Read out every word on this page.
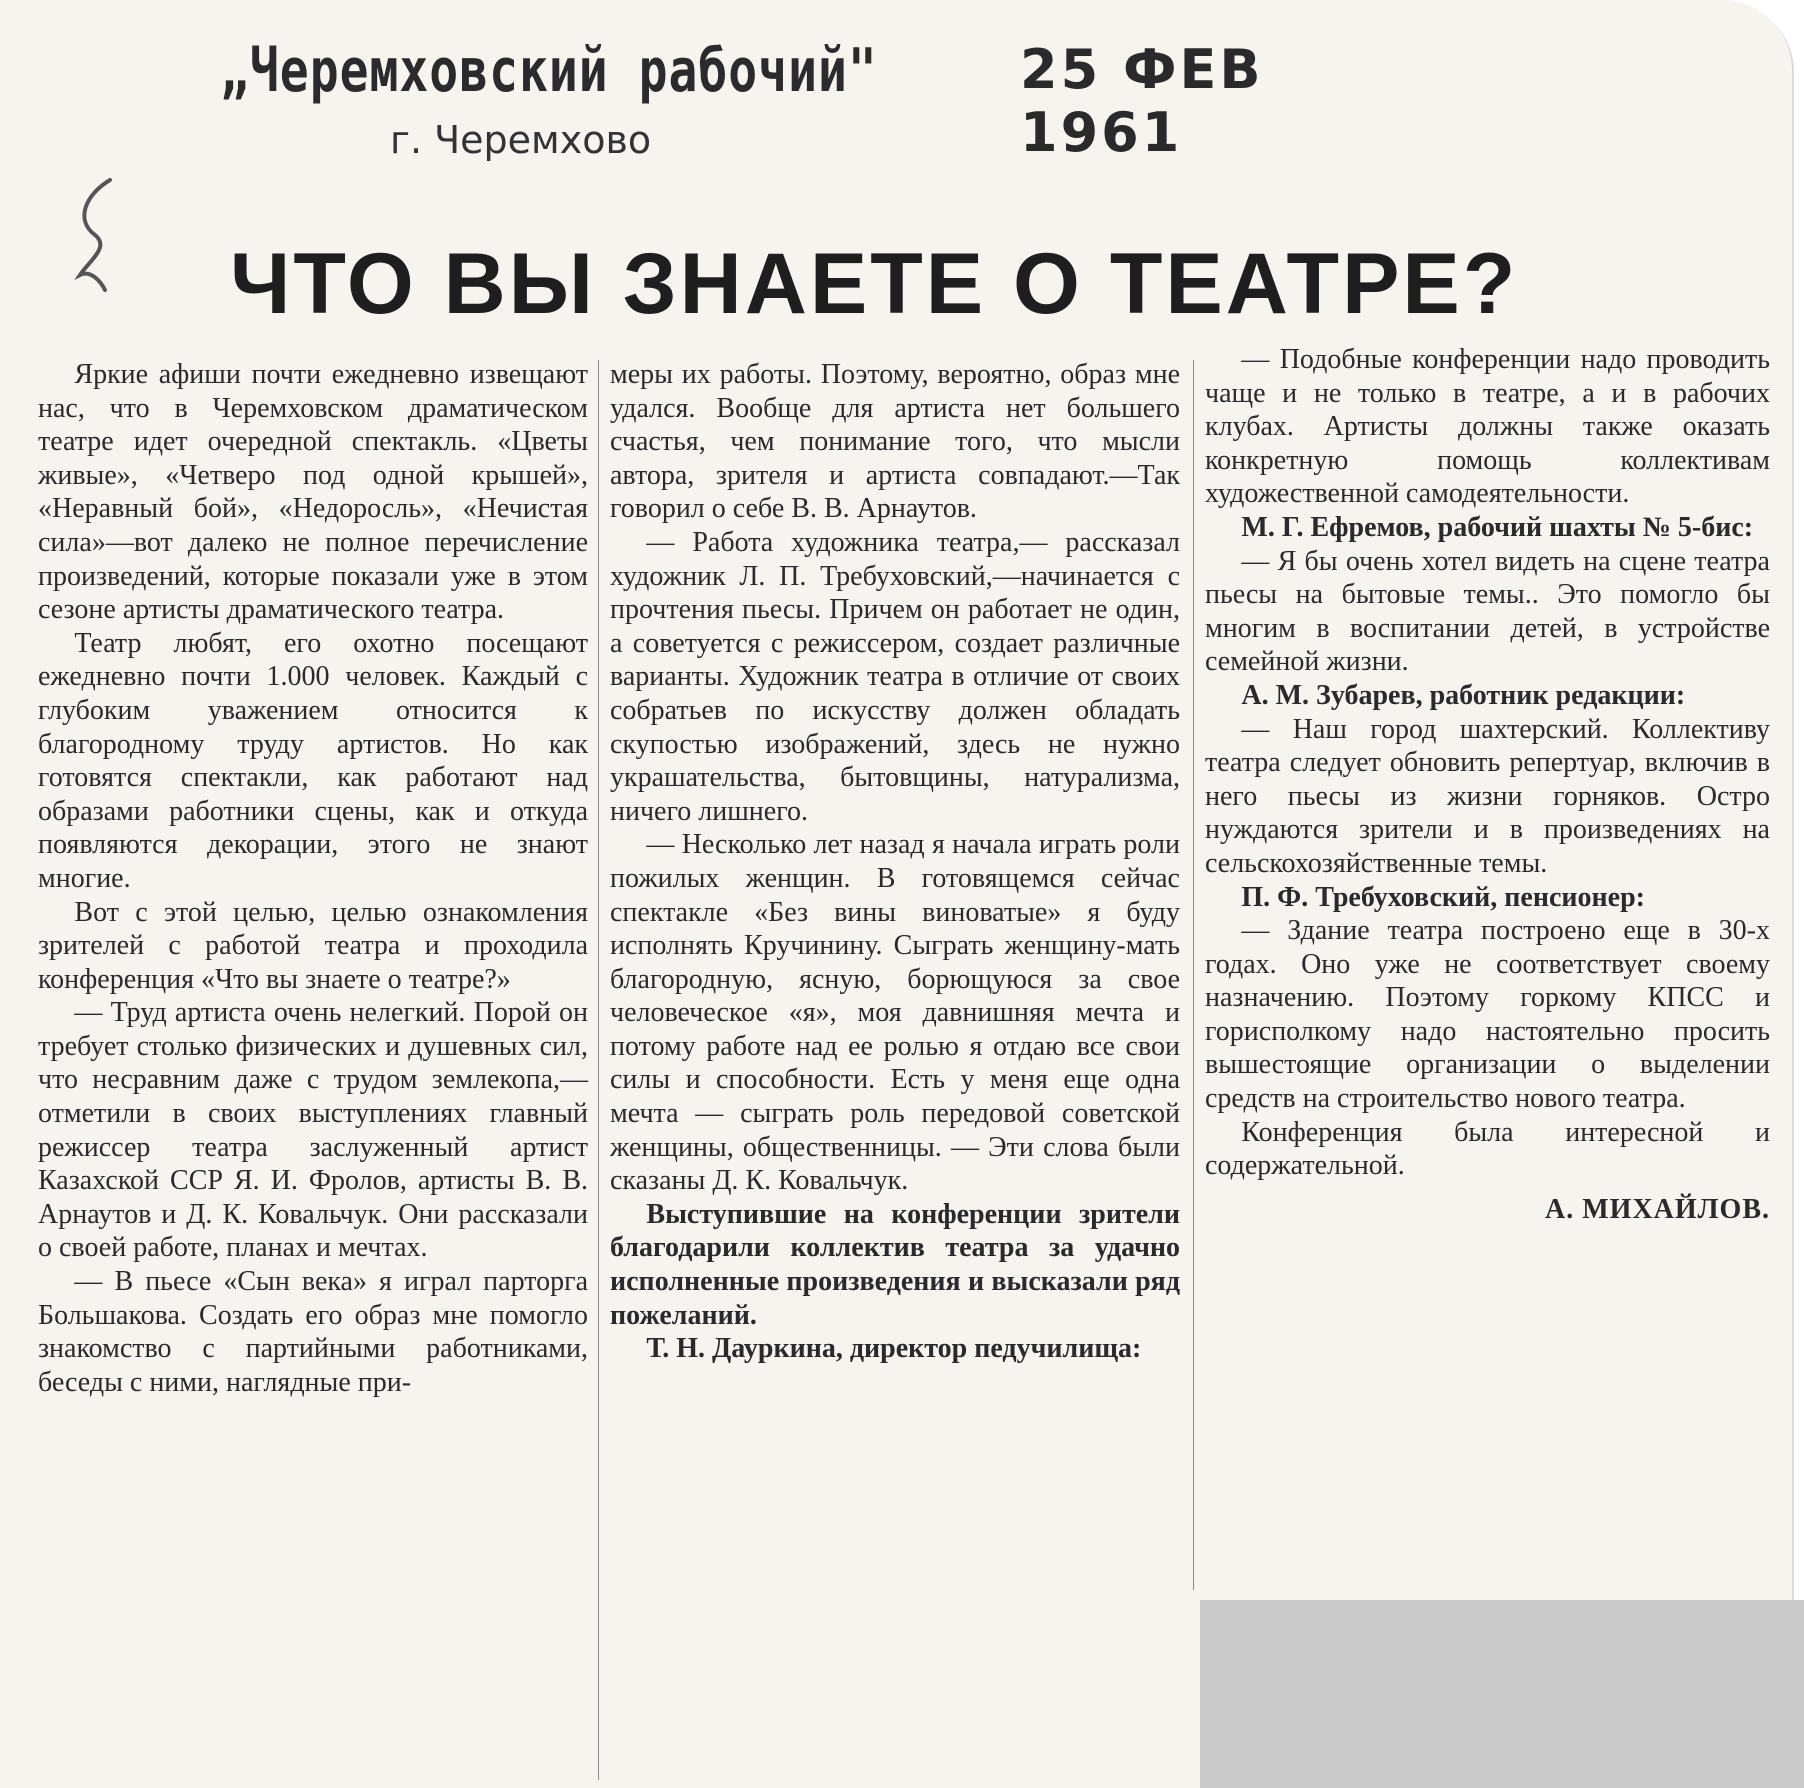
„Черемховский рабочий"	25 ФЕВ 1961
г. Черемхово
ЧТО ВЫ ЗНАЕТЕ О ТЕАТРЕ?

Яркие афиши почти ежедневно извещают нас, что в Черемховском драматическом театре идет очередной спектакль. «Цветы живые», «Четверо под одной крышей», «Неравный бой», «Недоросль», «Нечистая сила»—вот далеко не полное перечисление произведений, которые показали уже в этом сезоне артисты драматического театра.

Театр любят, его охотно посещают ежедневно почти 1.000 человек. Каждый с глубоким уважением относится к благородному труду артистов. Но как готовятся спектакли, как работают над образами работники сцены, как и откуда появляются декорации, этого не знают многие.

Вот с этой целью, целью ознакомления зрителей с работой театра и проходила конференция «Что вы знаете о театре?»

— Труд артиста очень нелегкий. Порой он требует столько физических и душевных сил, что несравним даже с трудом землекопа,—отметили в своих выступлениях главный режиссер театра заслуженный артист Казахской ССР Я. И. Фролов, артисты В. В. Арнаутов и Д. К. Ковальчук. Они рассказали о своей работе, планах и мечтах.

— В пьесе «Сын века» я играл парторга Большакова. Создать его образ мне помогло знакомство с партийными работниками, беседы с ними, наглядные при-

меры их работы. Поэтому, вероятно, образ мне удался. Вообще для артиста нет большего счастья, чем понимание того, что мысли автора, зрителя и артиста совпадают.—Так говорил о себе В. В. Арнаутов.

— Работа художника театра,— рассказал художник Л. П. Требуховский,—начинается с прочтения пьесы. Причем он работает не один, а советуется с режиссером, создает различные варианты. Художник театра в отличие от своих собратьев по искусству должен обладать скупостью изображений, здесь не нужно украшательства, бытовщины, натурализма, ничего лишнего.

— Несколько лет назад я начала играть роли пожилых женщин. В готовящемся сейчас спектакле «Без вины виноватые» я буду исполнять Кручинину. Сыграть женщину-мать благородную, ясную, борющуюся за свое человеческое «я», моя давнишняя мечта и потому работе над ее ролью я отдаю все свои силы и способности. Есть у меня еще одна мечта — сыграть роль передовой советской женщины, общественницы. — Эти слова были сказаны Д. К. Ковальчук.

Выступившие на конференции зрители благодарили коллектив театра за удачно исполненные произведения и высказали ряд пожеланий.

Т. Н. Дауркина, директор педучилища:

— Подобные конференции надо проводить чаще и не только в театре, а и в рабочих клубах. Артисты должны также оказать конкретную помощь коллективам художественной самодеятельности.

М. Г. Ефремов, рабочий шахты № 5-бис:

— Я бы очень хотел видеть на сцене театра пьесы на бытовые темы.. Это помогло бы многим в воспитании детей, в устройстве семейной жизни.

А. М. Зубарев, работник редакции:

— Наш город шахтерский. Коллективу театра следует обновить репертуар, включив в него пьесы из жизни горняков. Остро нуждаются зрители и в произведениях на сельскохозяйственные темы.

П. Ф. Требуховский, пенсионер:

— Здание театра построено еще в 30-х годах. Оно уже не соответствует своему назначению. Поэтому горкому КПСС и горисполкому надо настоятельно просить вышестоящие организации о выделении средств на строительство нового театра.

Конференция была интересной и содержательной.

А. МИХАЙЛОВ.
